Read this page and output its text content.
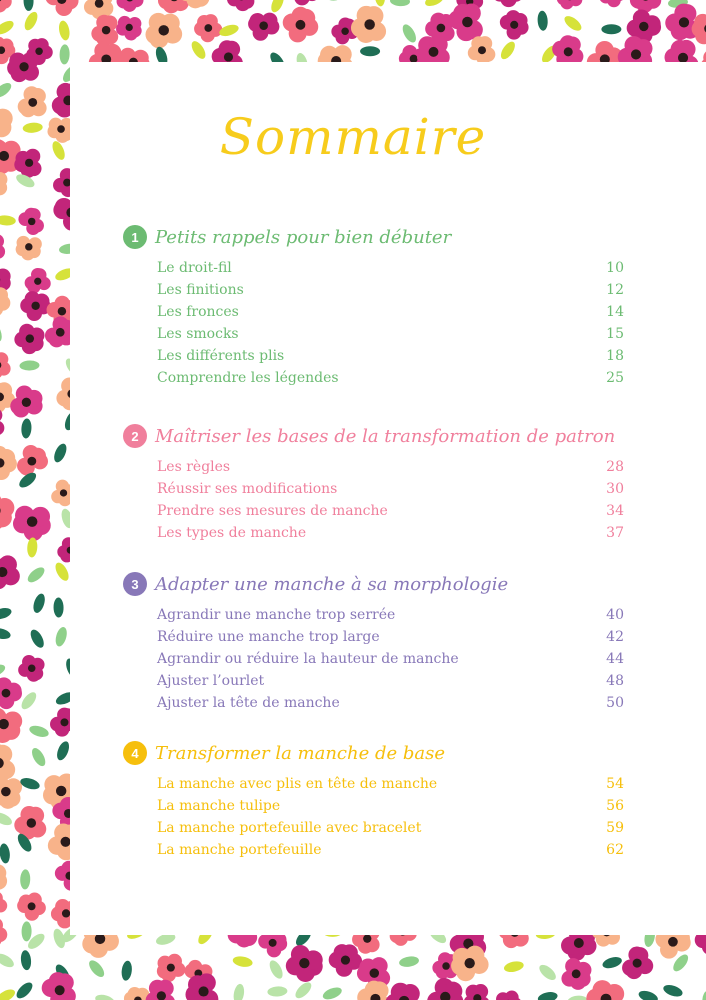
Sommaire
1 Petits rappels pour bien débuter
Le droit-fil	10
Les finitions	12
Les fronces	14
Les smocks	15
Les différents plis	18
Comprendre les légendes	25
2 Maîtriser les bases de la transformation de patron
Les règles	28
Réussir ses modifications	30
Prendre ses mesures de manche	34
Les types de manche	37
3 Adapter une manche à sa morphologie
Agrandir une manche trop serrée	40
Réduire une manche trop large	42
Agrandir ou réduire la hauteur de manche	44
Ajuster l’ourlet	48
Ajuster la tête de manche	50
4 Transformer la manche de base
La manche avec plis en tête de manche	54
La manche tulipe	56
La manche portefeuille avec bracelet	59
La manche portefeuille	62
